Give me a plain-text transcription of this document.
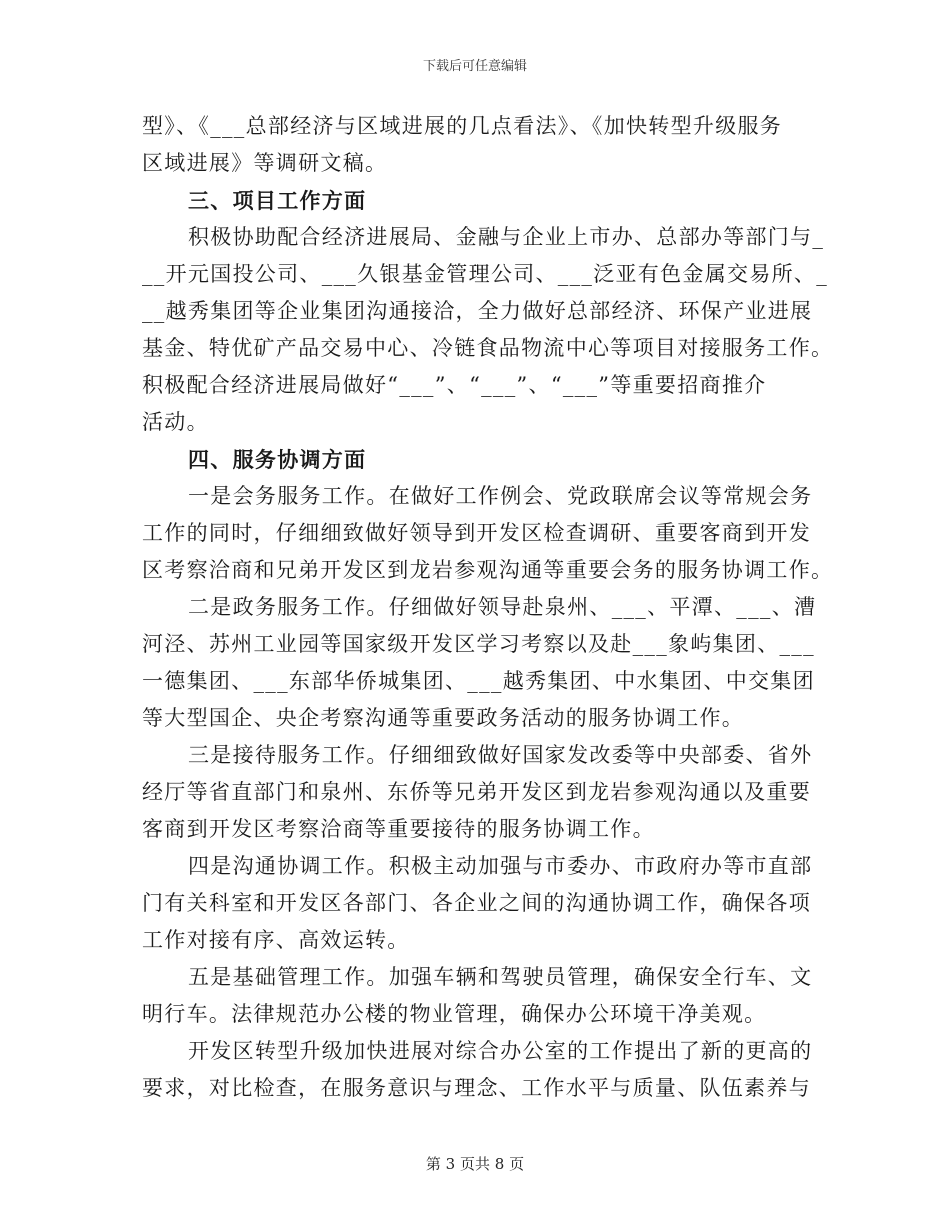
下载后可任意编辑
型》、《___总部经济与区域进展的几点看法》、《加快转型升级服务
区域进展》等调研文稿。
三、项目工作方面
积极协助配合经济进展局、金融与企业上市办、总部办等部门与_
__开元国投公司、___久银基金管理公司、___泛亚有色金属交易所、_
__越秀集团等企业集团沟通接洽，全力做好总部经济、环保产业进展
基金、特优矿产品交易中心、冷链食品物流中心等项目对接服务工作。
积极配合经济进展局做好“___”、“___”、“___”等重要招商推介
活动。
四、服务协调方面
一是会务服务工作。在做好工作例会、党政联席会议等常规会务
工作的同时，仔细细致做好领导到开发区检查调研、重要客商到开发
区考察洽商和兄弟开发区到龙岩参观沟通等重要会务的服务协调工作。
二是政务服务工作。仔细做好领导赴泉州、___、平潭、___、漕
河泾、苏州工业园等国家级开发区学习考察以及赴___象屿集团、___
一德集团、___东部华侨城集团、___越秀集团、中水集团、中交集团
等大型国企、央企考察沟通等重要政务活动的服务协调工作。
三是接待服务工作。仔细细致做好国家发改委等中央部委、省外
经厅等省直部门和泉州、东侨等兄弟开发区到龙岩参观沟通以及重要
客商到开发区考察洽商等重要接待的服务协调工作。
四是沟通协调工作。积极主动加强与市委办、市政府办等市直部
门有关科室和开发区各部门、各企业之间的沟通协调工作，确保各项
工作对接有序、高效运转。
五是基础管理工作。加强车辆和驾驶员管理，确保安全行车、文
明行车。法律规范办公楼的物业管理，确保办公环境干净美观。
开发区转型升级加快进展对综合办公室的工作提出了新的更高的
要求，对比检查，在服务意识与理念、工作水平与质量、队伍素养与
第 3 页共 8 页
